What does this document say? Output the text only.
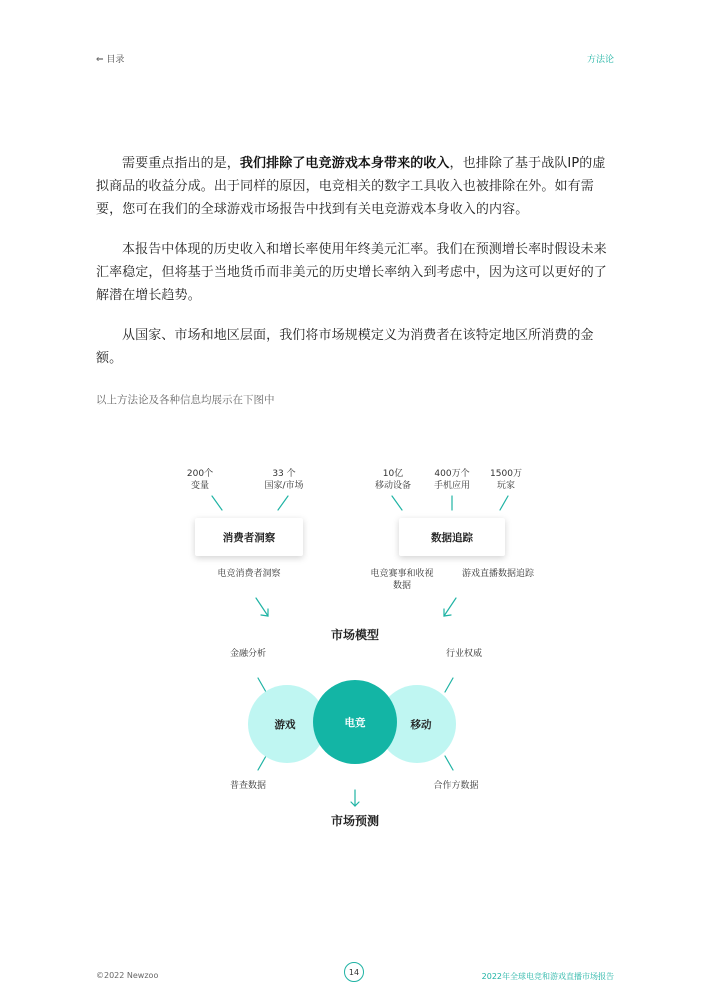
⇐ 目录	方法论

需要重点指出的是，我们排除了电竞游戏本身带来的收入，也排除了基于战队IP的虚拟商品的收益分成。出于同样的原因，电竞相关的数字工具收入也被排除在外。如有需要，您可在我们的全球游戏市场报告中找到有关电竞游戏本身收入的内容。

本报告中体现的历史收入和增长率使用年终美元汇率。我们在预测增长率时假设未来汇率稳定，但将基于当地货币而非美元的历史增长率纳入到考虑中，因为这可以更好的了解潜在增长趋势。

从国家、市场和地区层面，我们将市场规模定义为消费者在该特定地区所消费的金额。

以上方法论及各种信息均展示在下图中
200个
变量
33 个
国家/市场
10亿
移动设备
400万个
手机应用
1500万
玩家
消费者洞察	数据追踪
电竞消费者洞察	电竞赛事和收视
数据
游戏直播数据追踪
市场模型
金融分析	行业权威
游戏	移动
电竞
普查数据	合作方数据
市场预测
©2022 Newzoo	14	2022年全球电竞和游戏直播市场报告
